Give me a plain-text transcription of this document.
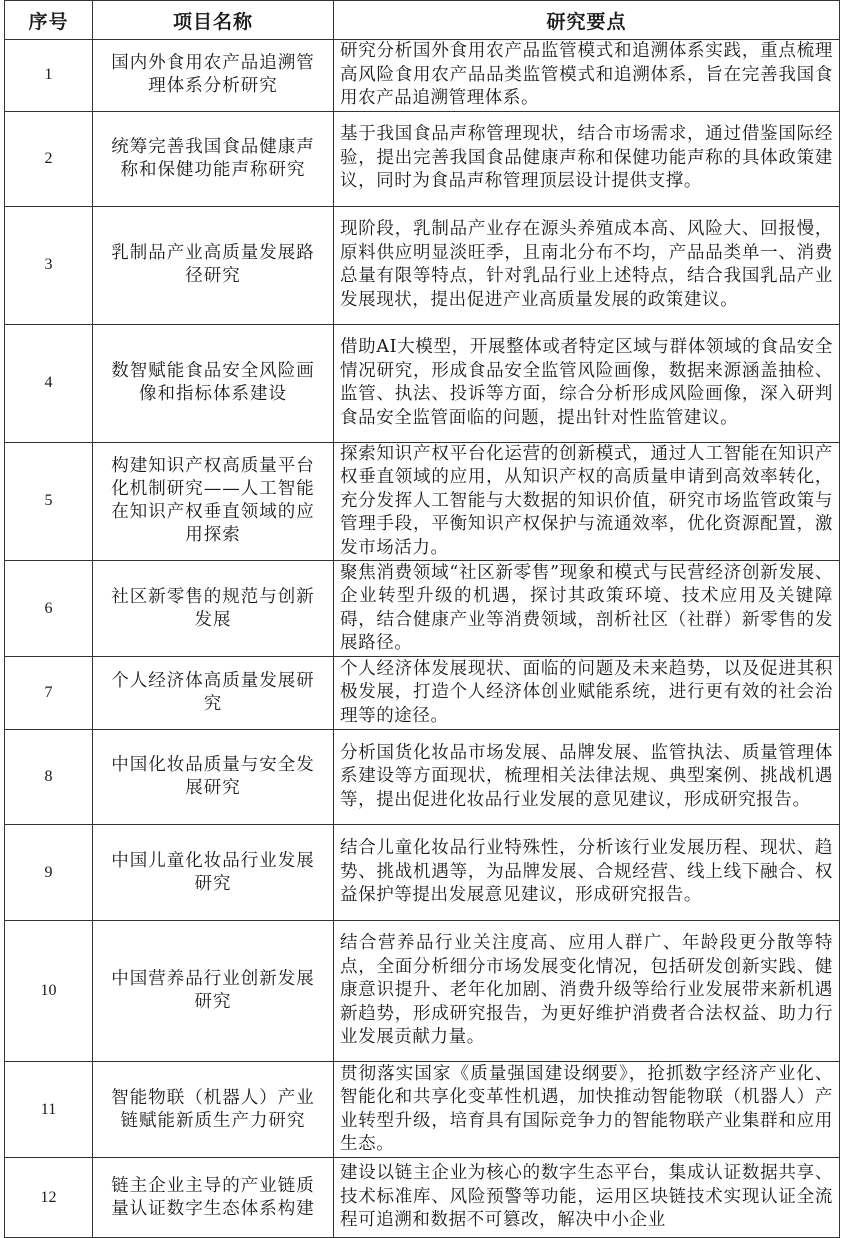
序号	项目名称	研究要点
1	国内外食用农产品追溯管理体系分析研究	研究分析国外食用农产品监管模式和追溯体系实践，重点梳理高风险食用农产品品类监管模式和追溯体系，旨在完善我国食用农产品追溯管理体系。
2	统筹完善我国食品健康声称和保健功能声称研究	基于我国食品声称管理现状，结合市场需求，通过借鉴国际经验，提出完善我国食品健康声称和保健功能声称的具体政策建议，同时为食品声称管理顶层设计提供支撑。
3	乳制品产业高质量发展路径研究	现阶段，乳制品产业存在源头养殖成本高、风险大、回报慢，原料供应明显淡旺季，且南北分布不均，产品品类单一、消费总量有限等特点，针对乳品行业上述特点，结合我国乳品产业发展现状，提出促进产业高质量发展的政策建议。
4	数智赋能食品安全风险画像和指标体系建设	借助AI大模型，开展整体或者特定区域与群体领域的食品安全情况研究，形成食品安全监管风险画像，数据来源涵盖抽检、监管、执法、投诉等方面，综合分析形成风险画像，深入研判食品安全监管面临的问题，提出针对性监管建议。
5	构建知识产权高质量平台化机制研究——人工智能在知识产权垂直领域的应用探索	探索知识产权平台化运营的创新模式，通过人工智能在知识产权垂直领域的应用，从知识产权的高质量申请到高效率转化，充分发挥人工智能与大数据的知识价值，研究市场监管政策与管理手段，平衡知识产权保护与流通效率，优化资源配置，激发市场活力。
6	社区新零售的规范与创新发展	聚焦消费领域“社区新零售”现象和模式与民营经济创新发展、企业转型升级的机遇，探讨其政策环境、技术应用及关键障碍，结合健康产业等消费领域，剖析社区（社群）新零售的发展路径。
7	个人经济体高质量发展研究	个人经济体发展现状、面临的问题及未来趋势，以及促进其积极发展，打造个人经济体创业赋能系统，进行更有效的社会治理等的途径。
8	中国化妆品质量与安全发展研究	分析国货化妆品市场发展、品牌发展、监管执法、质量管理体系建设等方面现状，梳理相关法律法规、典型案例、挑战机遇等，提出促进化妆品行业发展的意见建议，形成研究报告。
9	中国儿童化妆品行业发展研究	结合儿童化妆品行业特殊性，分析该行业发展历程、现状、趋势、挑战机遇等，为品牌发展、合规经营、线上线下融合、权益保护等提出发展意见建议，形成研究报告。
10	中国营养品行业创新发展研究	结合营养品行业关注度高、应用人群广、年龄段更分散等特点，全面分析细分市场发展变化情况，包括研发创新实践、健康意识提升、老年化加剧、消费升级等给行业发展带来新机遇新趋势，形成研究报告，为更好维护消费者合法权益、助力行业发展贡献力量。
11	智能物联（机器人）产业链赋能新质生产力研究	贯彻落实国家《质量强国建设纲要》，抢抓数字经济产业化、智能化和共享化变革性机遇，加快推动智能物联（机器人）产业转型升级，培育具有国际竞争力的智能物联产业集群和应用生态。
12	链主企业主导的产业链质量认证数字生态体系构建	建设以链主企业为核心的数字生态平台，集成认证数据共享、技术标准库、风险预警等功能，运用区块链技术实现认证全流程可追溯和数据不可篡改，解决中小企业
